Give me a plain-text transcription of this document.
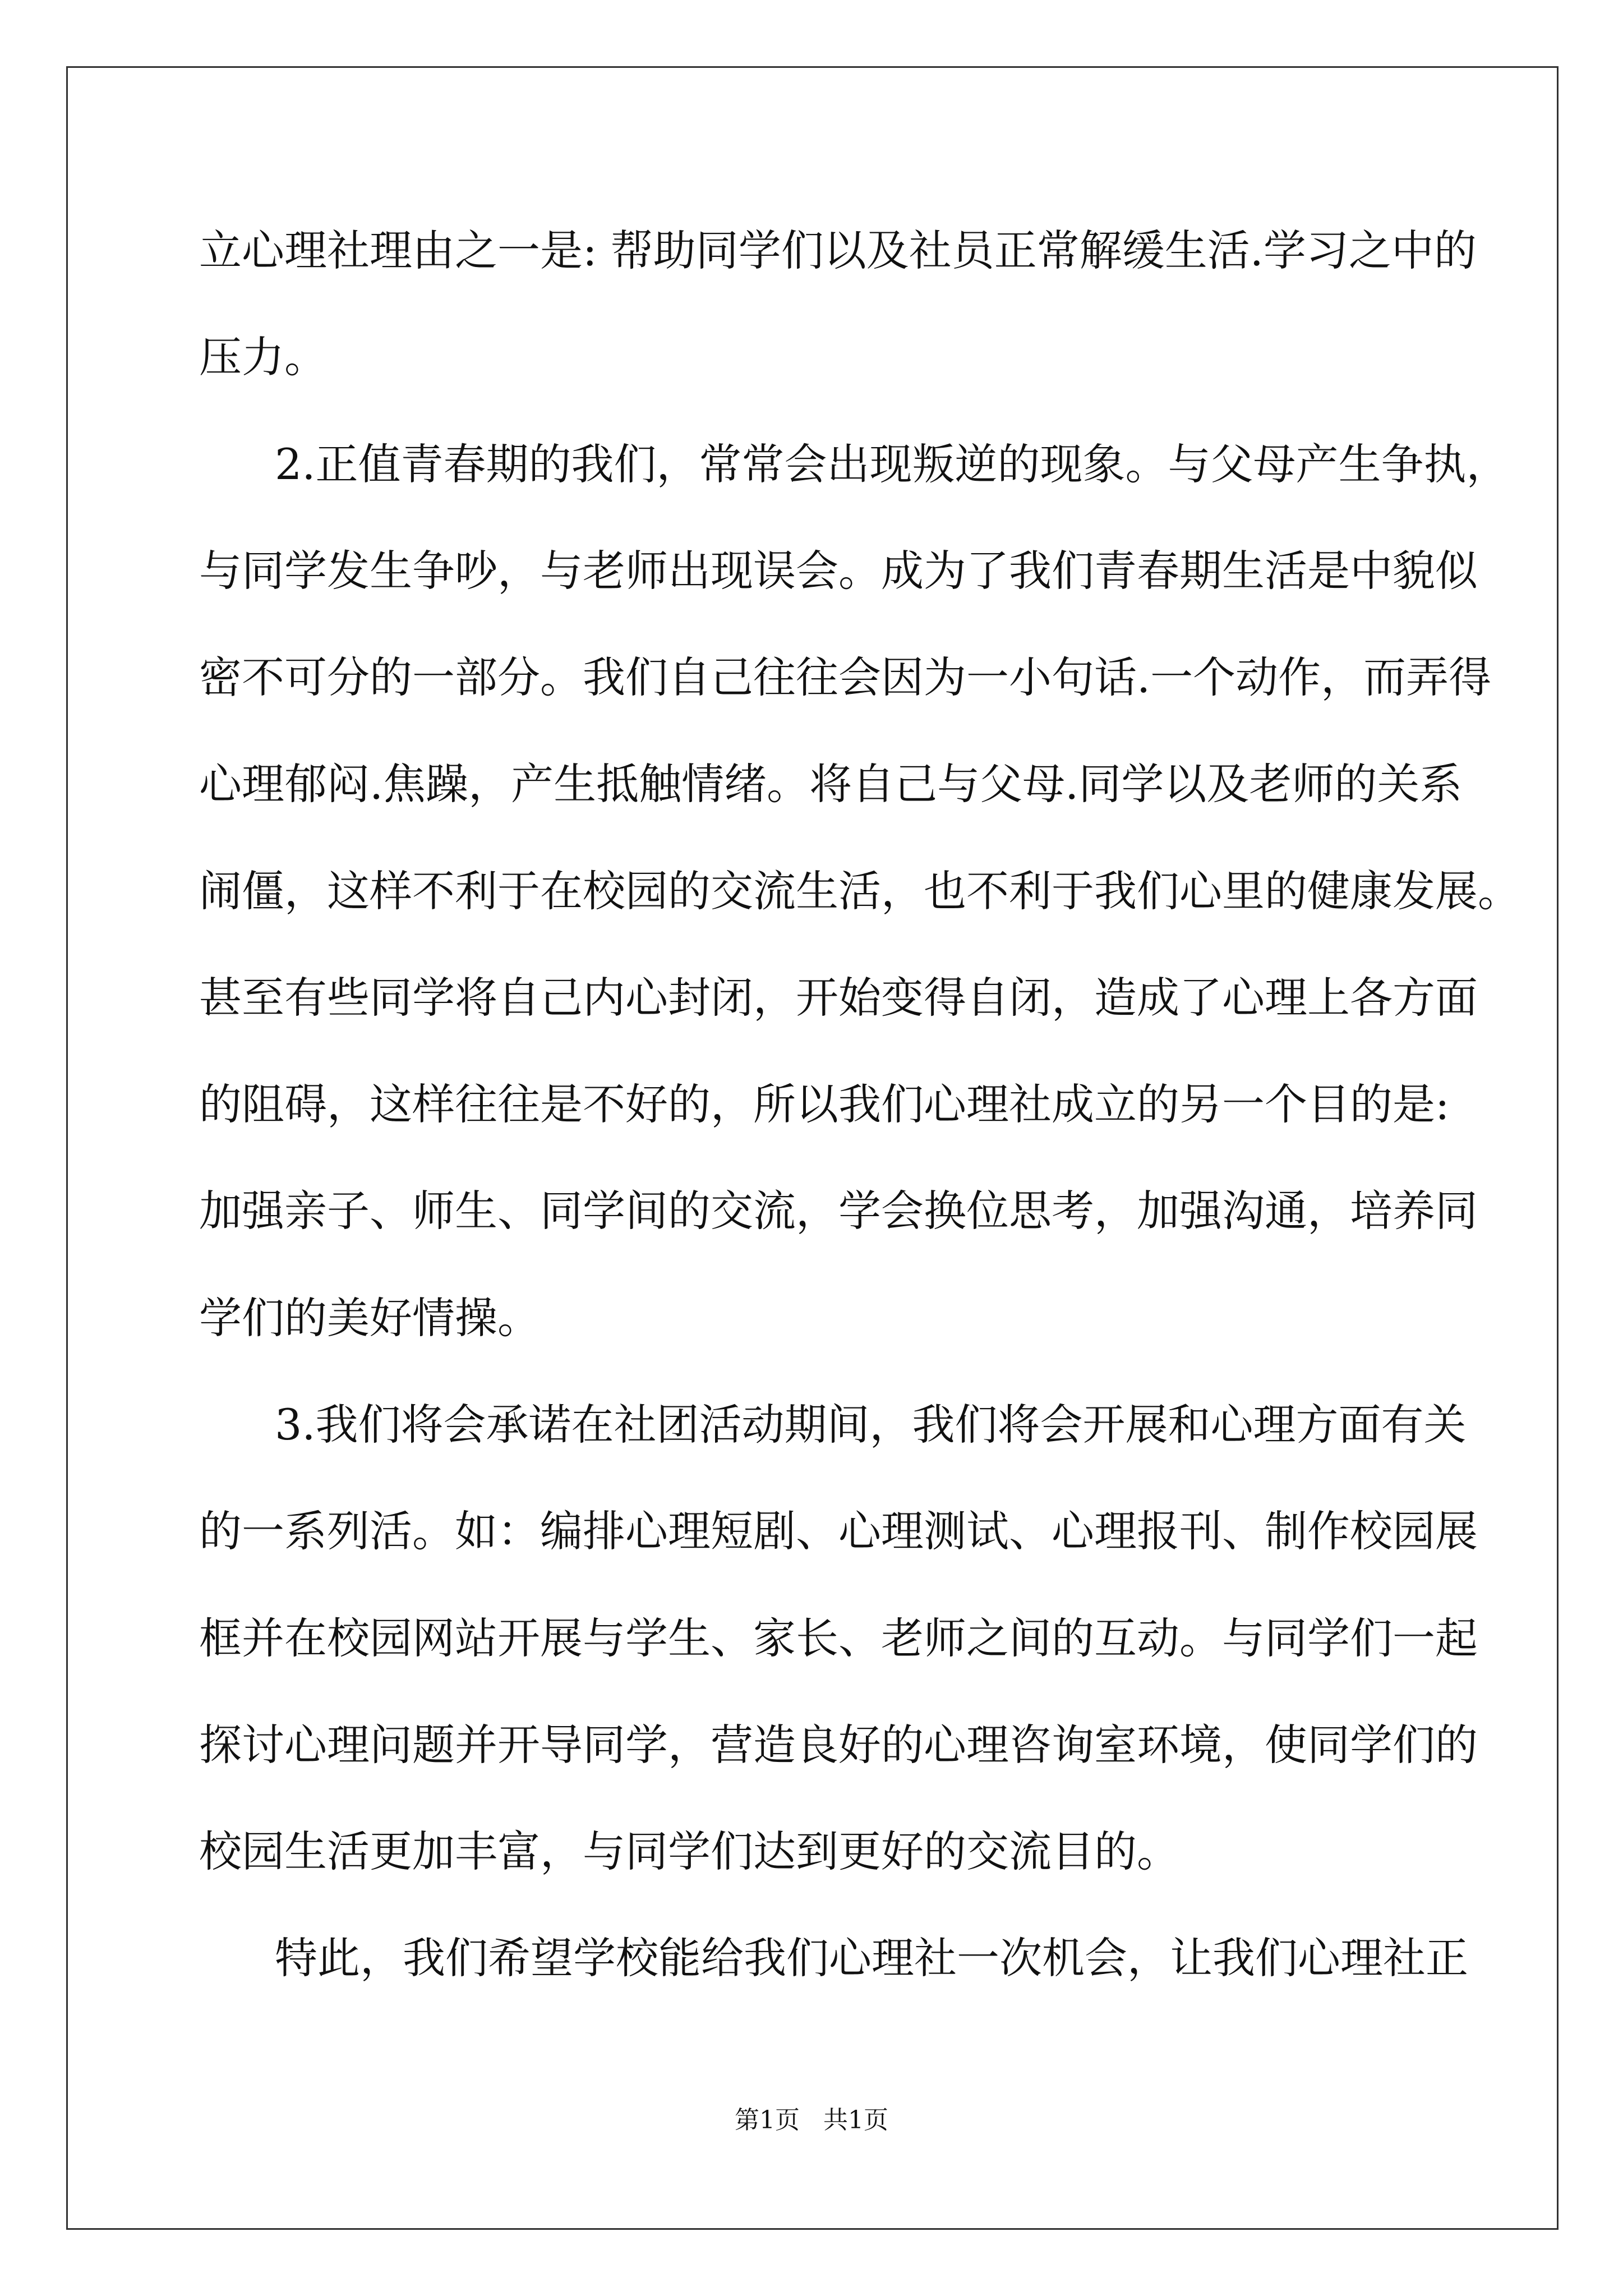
立心理社理由之一是: 帮助同学们以及社员正常解缓生活.学习之中的
压力。
2.正值青春期的我们，常常会出现叛逆的现象。与父母产生争执，
与同学发生争吵，与老师出现误会。成为了我们青春期生活是中貌似
密不可分的一部分。我们自己往往会因为一小句话.一个动作，而弄得
心理郁闷.焦躁，产生抵触情绪。将自己与父母.同学以及老师的关系
闹僵，这样不利于在校园的交流生活，也不利于我们心里的健康发展。
甚至有些同学将自己内心封闭，开始变得自闭，造成了心理上各方面
的阻碍，这样往往是不好的，所以我们心理社成立的另一个目的是:
加强亲子、师生、同学间的交流，学会换位思考，加强沟通，培养同
学们的美好情操。
3.我们将会承诺在社团活动期间，我们将会开展和心理方面有关
的一系列活。如：编排心理短剧、心理测试、心理报刊、制作校园展
框并在校园网站开展与学生、家长、老师之间的互动。与同学们一起
探讨心理问题并开导同学，营造良好的心理咨询室环境，使同学们的
校园生活更加丰富，与同学们达到更好的交流目的。
特此，我们希望学校能给我们心理社一次机会，让我们心理社正
第1页   共1页
